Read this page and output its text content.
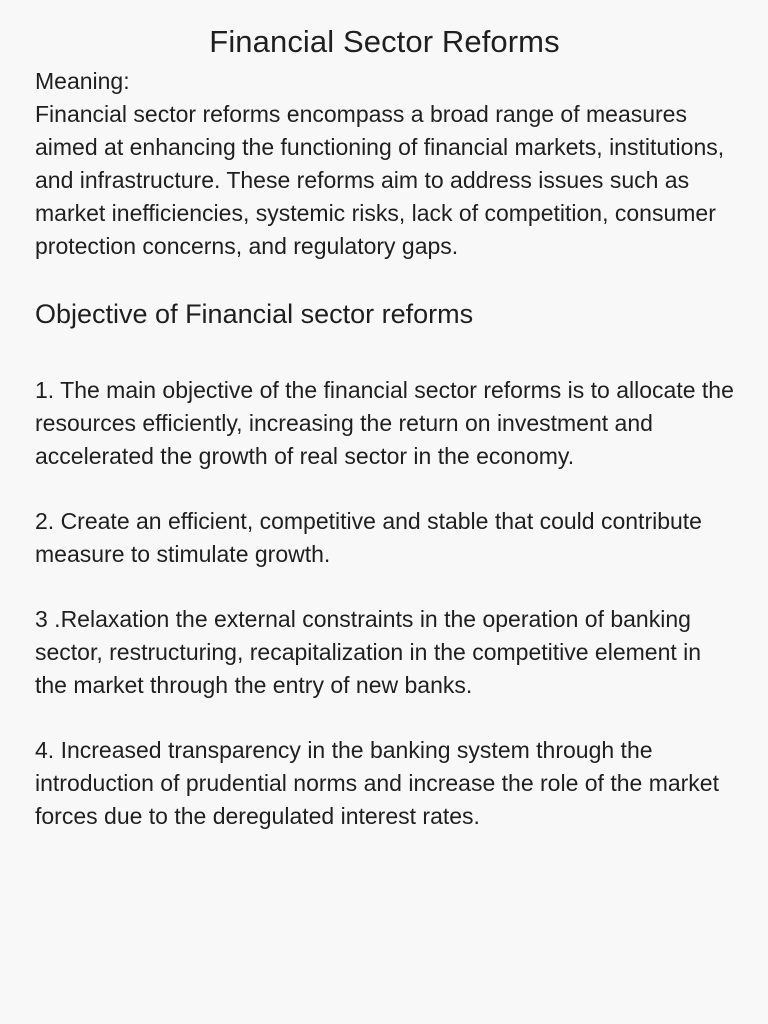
Financial Sector Reforms
Meaning:

Financial sector reforms encompass a broad range of measures aimed at enhancing the functioning of financial markets, institutions, and infrastructure. These reforms aim to address issues such as market inefficiencies, systemic risks, lack of competition, consumer protection concerns, and regulatory gaps.

Objective of Financial sector reforms
1. The main objective of the financial sector reforms is to allocate the resources efficiently, increasing the return on investment and accelerated the growth of real sector in the economy.
2. Create an efficient, competitive and stable that could contribute measure to stimulate growth.
3 .Relaxation the external constraints in the operation of banking sector, restructuring, recapitalization in the competitive element in the market through the entry of new banks.
4. Increased transparency in the banking system through the introduction of prudential norms and increase the role of the market forces due to the deregulated interest rates.
